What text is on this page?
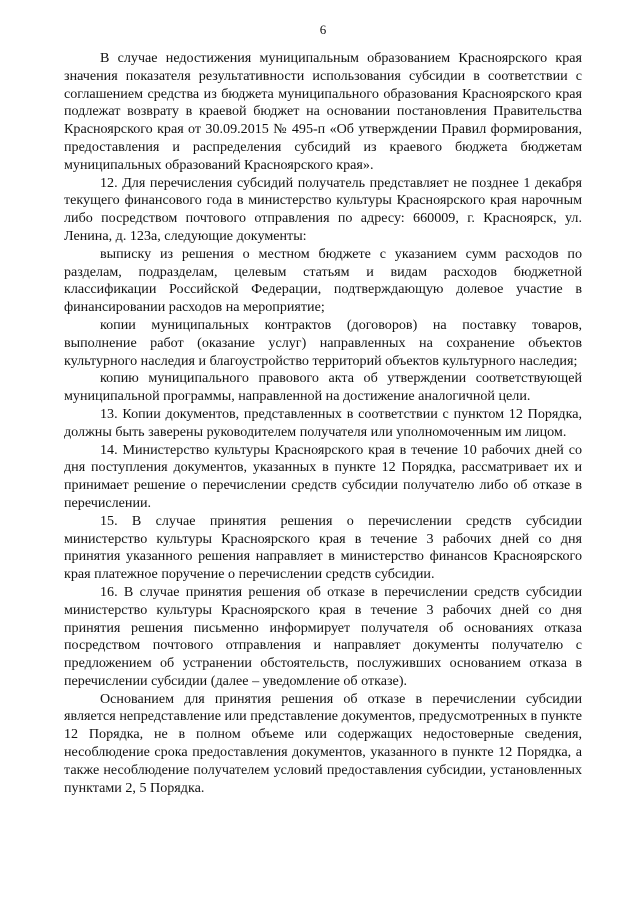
6

В случае недостижения муниципальным образованием Красноярского края значения показателя результативности использования субсидии в соответствии с соглашением средства из бюджета муниципального образования Красноярского края подлежат возврату в краевой бюджет на основании постановления Правительства Красноярского края от 30.09.2015 № 495-п «Об утверждении Правил формирования, предоставления и распределения субсидий из краевого бюджета бюджетам муниципальных образований Красноярского края».

12. Для перечисления субсидий получатель представляет не позднее 1 декабря текущего финансового года в министерство культуры Красноярского края нарочным либо посредством почтового отправления по адресу: 660009, г. Красноярск, ул. Ленина, д. 123а, следующие документы:

выписку из решения о местном бюджете с указанием сумм расходов по разделам, подразделам, целевым статьям и видам расходов бюджетной классификации Российской Федерации, подтверждающую долевое участие в финансировании расходов на мероприятие;

копии муниципальных контрактов (договоров) на поставку товаров, выполнение работ (оказание услуг) направленных на сохранение объектов культурного наследия и благоустройство территорий объектов культурного наследия;

копию муниципального правового акта об утверждении соответствующей муниципальной программы, направленной на достижение аналогичной цели.

13. Копии документов, представленных в соответствии с пунктом 12 Порядка, должны быть заверены руководителем получателя или уполномоченным им лицом.

14. Министерство культуры Красноярского края в течение 10 рабочих дней со дня поступления документов, указанных в пункте 12 Порядка, рассматривает их и принимает решение о перечислении средств субсидии получателю либо об отказе в перечислении.

15. В случае принятия решения о перечислении средств субсидии министерство культуры Красноярского края в течение 3 рабочих дней со дня принятия указанного решения направляет в министерство финансов Красноярского края платежное поручение о перечислении средств субсидии.

16. В случае принятия решения об отказе в перечислении средств субсидии министерство культуры Красноярского края в течение 3 рабочих дней со дня принятия решения письменно информирует получателя об основаниях отказа посредством почтового отправления и направляет документы получателю с предложением об устранении обстоятельств, послуживших основанием отказа в перечислении субсидии (далее – уведомление об отказе).

Основанием для принятия решения об отказе в перечислении субсидии является непредставление или представление документов, предусмотренных в пункте 12 Порядка, не в полном объеме или содержащих недостоверные сведения, несоблюдение срока предоставления документов, указанного в пункте 12 Порядка, а также несоблюдение получателем условий предоставления субсидии, установленных пунктами 2, 5 Порядка.
